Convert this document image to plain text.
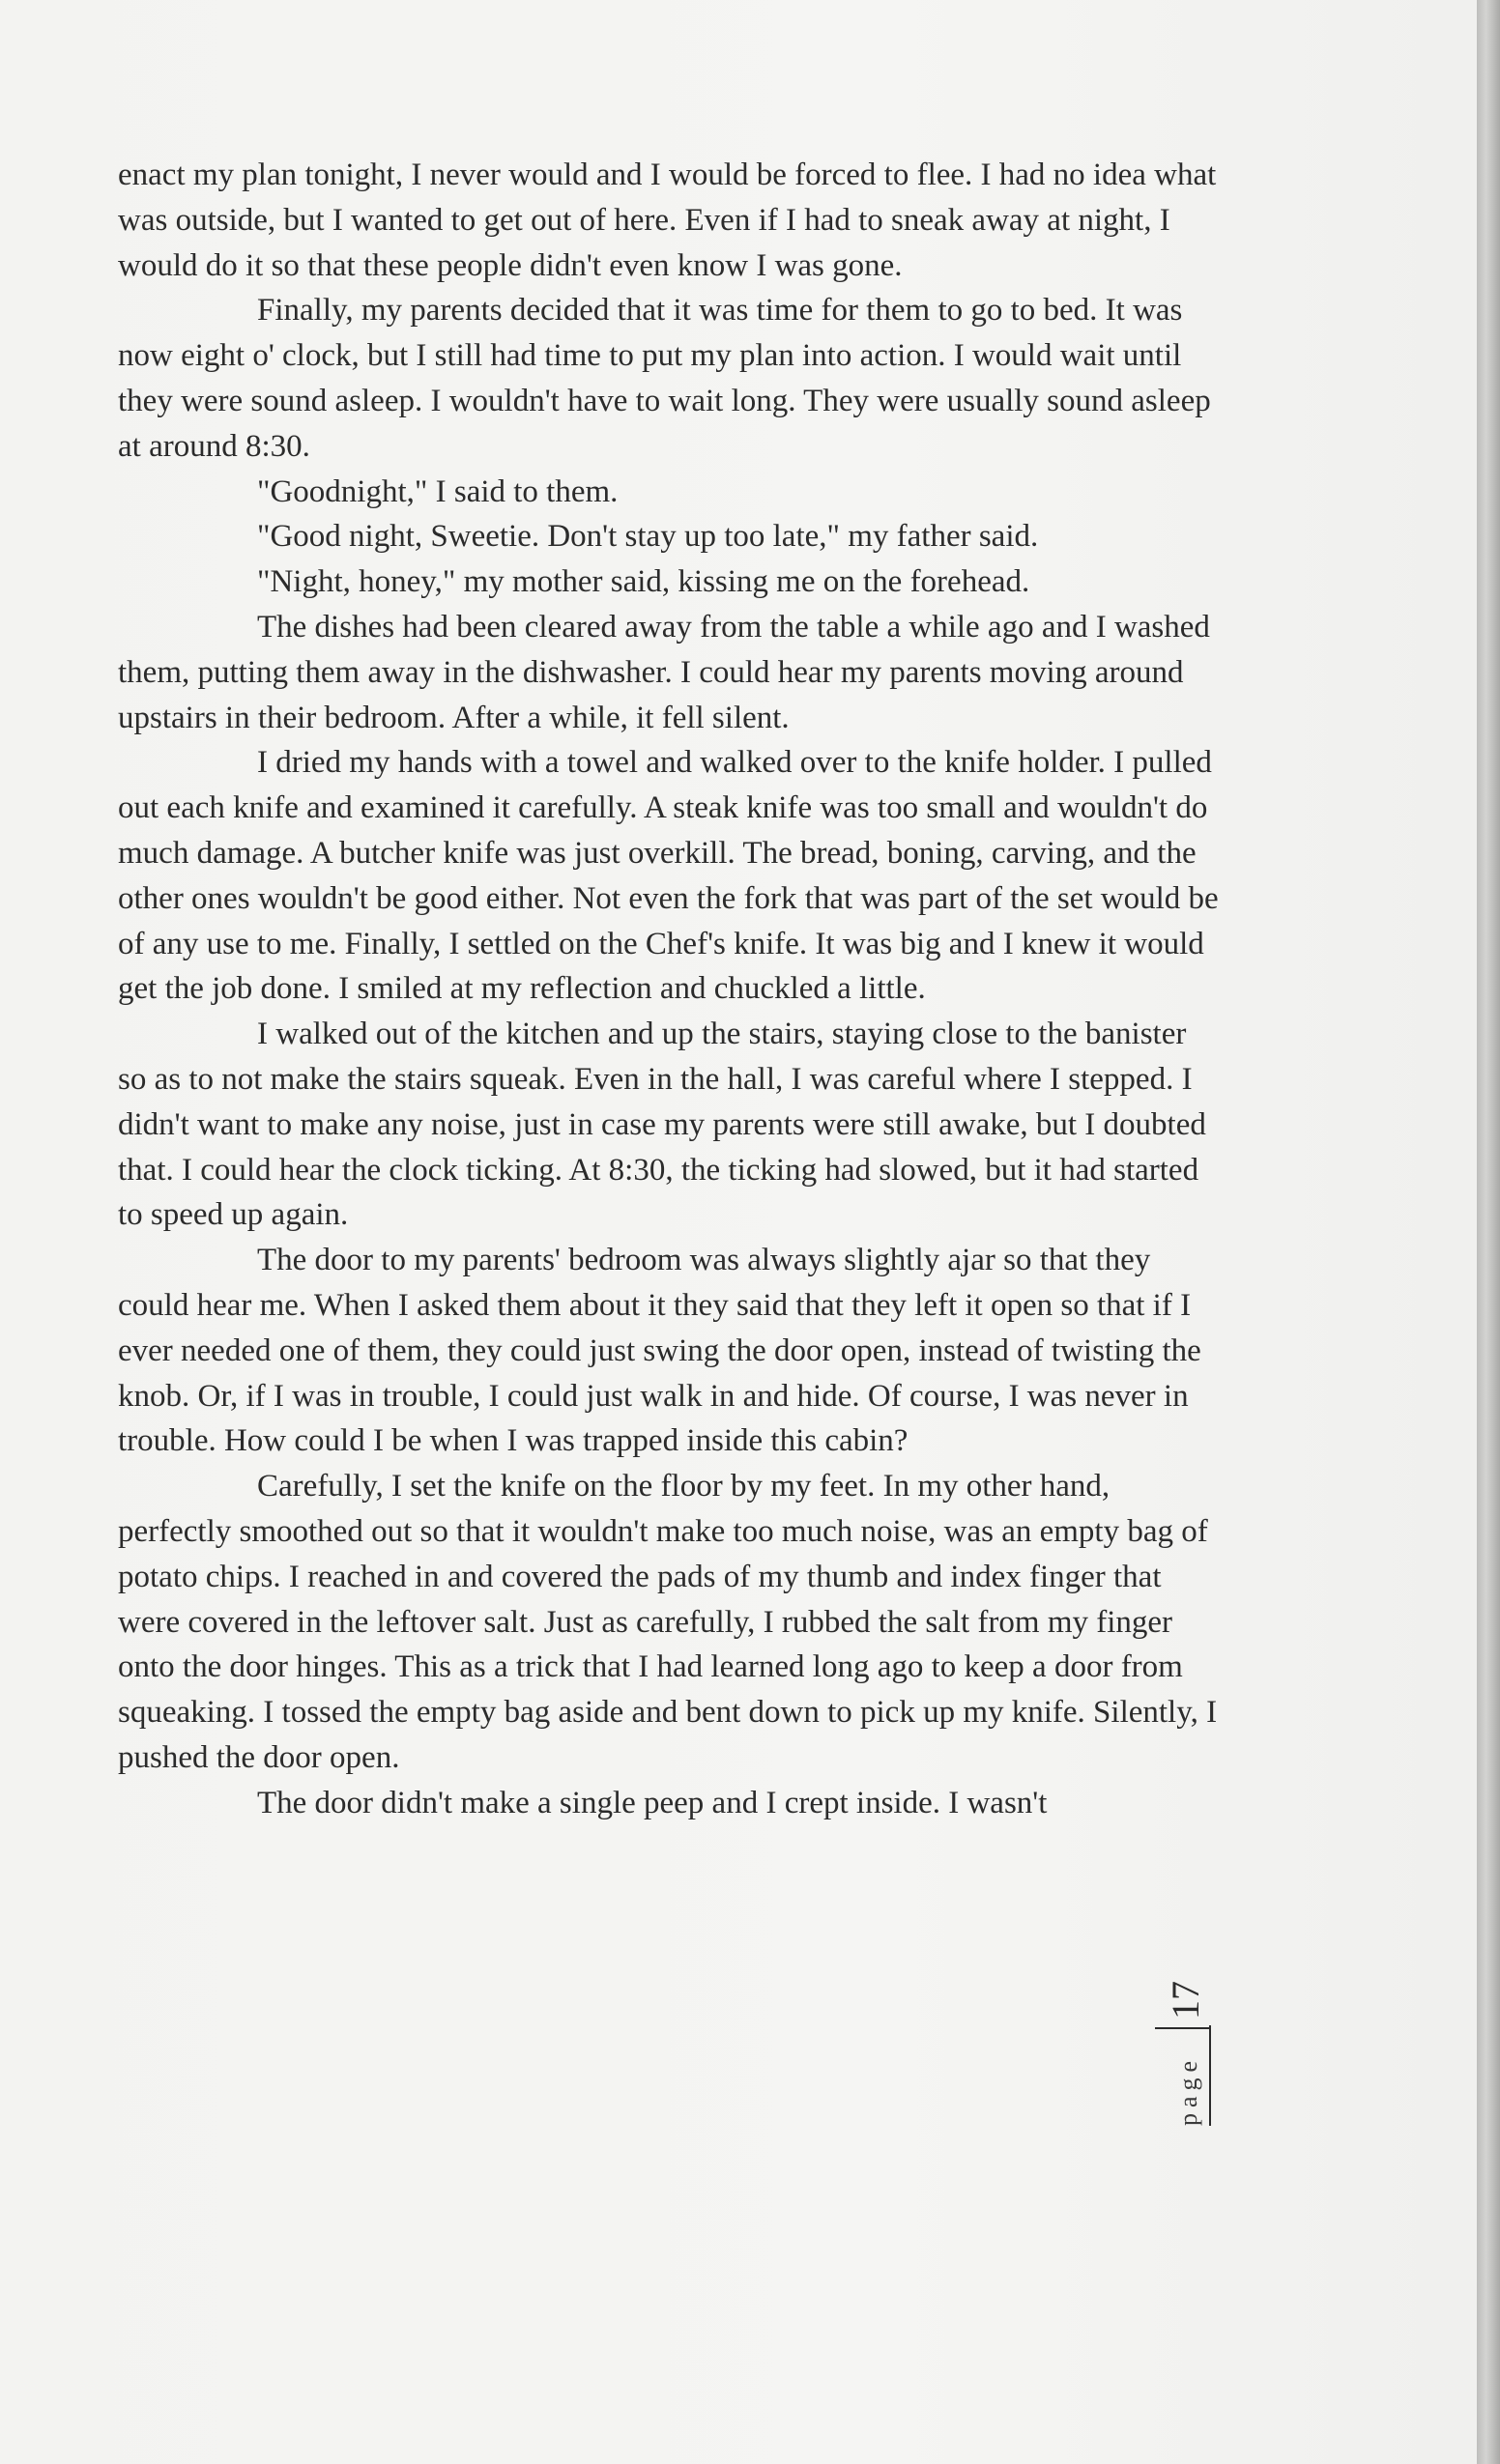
enact my plan tonight, I never would and I would be forced to flee. I had no idea what was outside, but I wanted to get out of here. Even if I had to sneak away at night, I would do it so that these people didn't even know I was gone.

Finally, my parents decided that it was time for them to go to bed. It was now eight o' clock, but I still had time to put my plan into action. I would wait until they were sound asleep. I wouldn't have to wait long. They were usually sound asleep at around 8:30.

"Goodnight," I said to them.

"Good night, Sweetie. Don't stay up too late," my father said.

"Night, honey," my mother said, kissing me on the forehead.

The dishes had been cleared away from the table a while ago and I washed them, putting them away in the dishwasher. I could hear my parents moving around upstairs in their bedroom. After a while, it fell silent.

I dried my hands with a towel and walked over to the knife holder. I pulled out each knife and examined it carefully. A steak knife was too small and wouldn't do much damage. A butcher knife was just overkill. The bread, boning, carving, and the other ones wouldn't be good either. Not even the fork that was part of the set would be of any use to me. Finally, I settled on the Chef's knife. It was big and I knew it would get the job done. I smiled at my reflection and chuckled a little.

I walked out of the kitchen and up the stairs, staying close to the banister so as to not make the stairs squeak. Even in the hall, I was careful where I stepped. I didn't want to make any noise, just in case my parents were still awake, but I doubted that. I could hear the clock ticking. At 8:30, the ticking had slowed, but it had started to speed up again.

The door to my parents' bedroom was always slightly ajar so that they could hear me. When I asked them about it they said that they left it open so that if I ever needed one of them, they could just swing the door open, instead of twisting the knob. Or, if I was in trouble, I could just walk in and hide. Of course, I was never in trouble. How could I be when I was trapped inside this cabin?

Carefully, I set the knife on the floor by my feet. In my other hand, perfectly smoothed out so that it wouldn't make too much noise, was an empty bag of potato chips. I reached in and covered the pads of my thumb and index finger that were covered in the leftover salt. Just as carefully, I rubbed the salt from my finger onto the door hinges. This as a trick that I had learned long ago to keep a door from squeaking. I tossed the empty bag aside and bent down to pick up my knife. Silently, I pushed the door open.

The door didn't make a single peep and I crept inside. I wasn't

page
17
